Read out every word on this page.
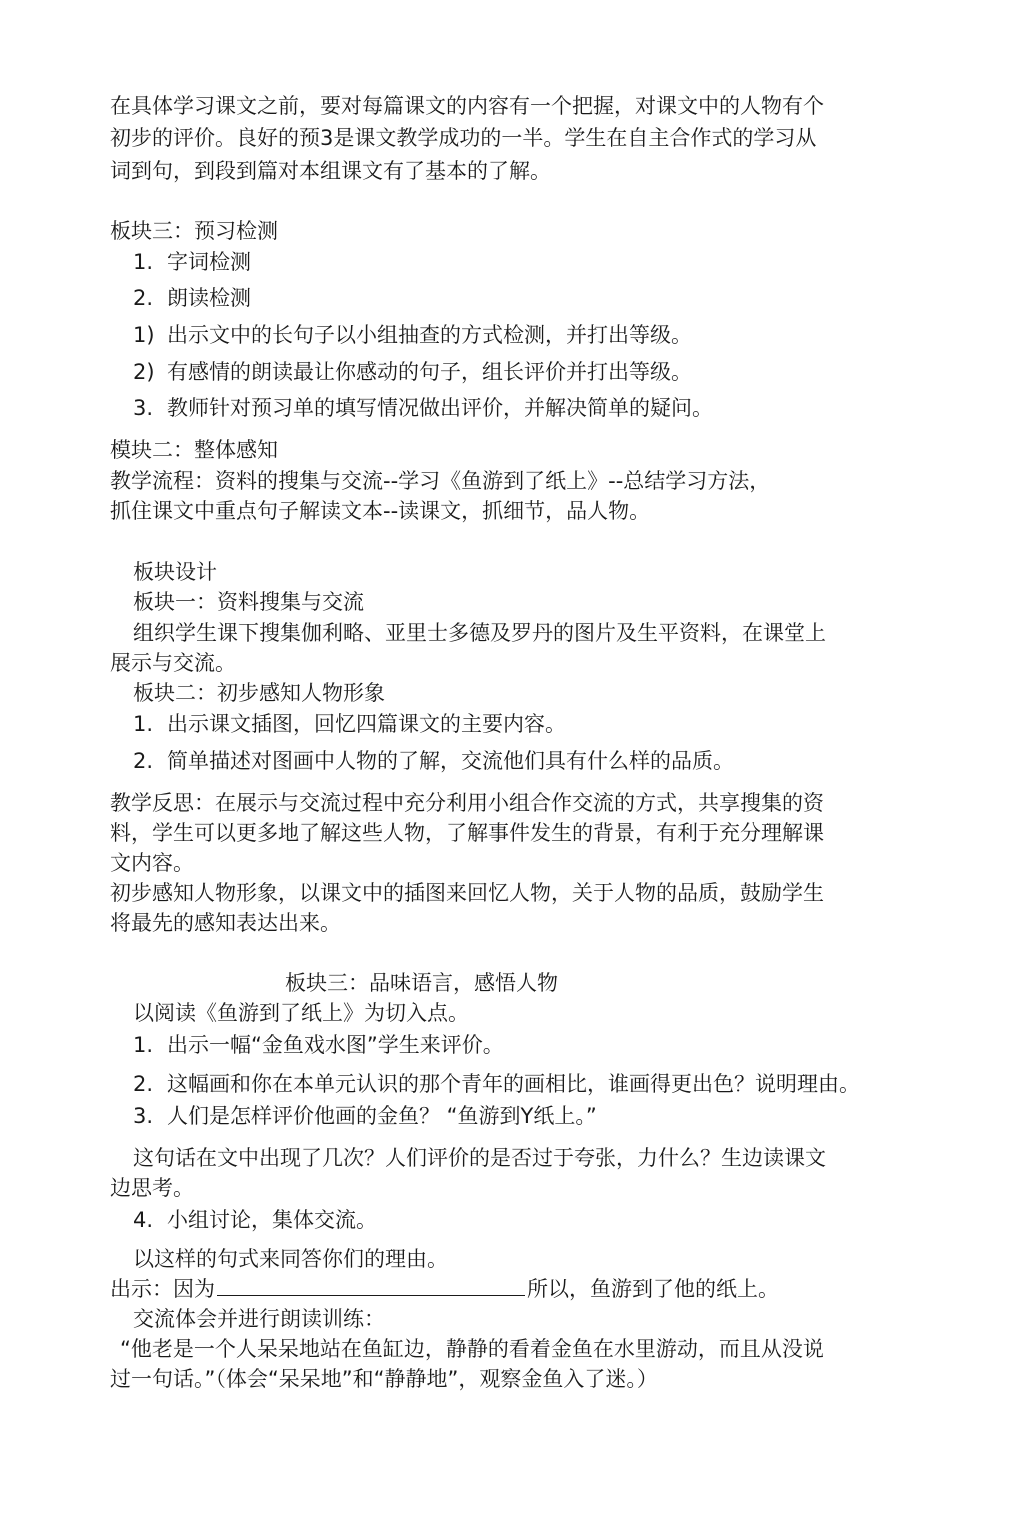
在具体学习课文之前，要对每篇课文的内容有一个把握，对课文中的人物有个
初步的评价。良好的预3是课文教学成功的一半。学生在自主合作式的学习从
词到句，到段到篇对本组课文有了基本的了解。
板块三：预习检测
1. 字词检测
2. 朗读检测
1) 出示文中的长句子以小组抽查的方式检测，并打出等级。
2) 有感情的朗读最让你感动的句子，组长评价并打出等级。
3. 教师针对预习单的填写情况做出评价，并解决简单的疑问。
模块二：整体感知
教学流程：资料的搜集与交流--学习《鱼游到了纸上》--总结学习方法，
抓住课文中重点句子解读文本--读课文，抓细节，品人物。
板块设计
板块一：资料搜集与交流
组织学生课下搜集伽利略、亚里士多德及罗丹的图片及生平资料，在课堂上
展示与交流。
板块二：初步感知人物形象
1. 出示课文插图，回忆四篇课文的主要内容。
2. 简单描述对图画中人物的了解，交流他们具有什么样的品质。
教学反思：在展示与交流过程中充分利用小组合作交流的方式，共享搜集的资
料，学生可以更多地了解这些人物，了解事件发生的背景，有利于充分理解课
文内容。
初步感知人物形象，以课文中的插图来回忆人物，关于人物的品质，鼓励学生
将最先的感知表达出来。
板块三：品味语言，感悟人物
以阅读《鱼游到了纸上》为切入点。
1. 出示一幅“金鱼戏水图”学生来评价。
2. 这幅画和你在本单元认识的那个青年的画相比，谁画得更出色？说明理由。
3. 人们是怎样评价他画的金鱼？ “鱼游到Y纸上。”
这句话在文中出现了几次？人们评价的是否过于夸张，力什么？生边读课文
边思考。
4. 小组讨论，集体交流。
以这样的句式来同答你们的理由。
出示：因为	所以，鱼游到了他的纸上。
交流体会并进行朗读训练：
“他老是一个人呆呆地站在鱼缸边，静静的看着金鱼在水里游动，而且从没说
过一句话。”（体会“呆呆地”和“静静地”，观察金鱼入了迷。）
